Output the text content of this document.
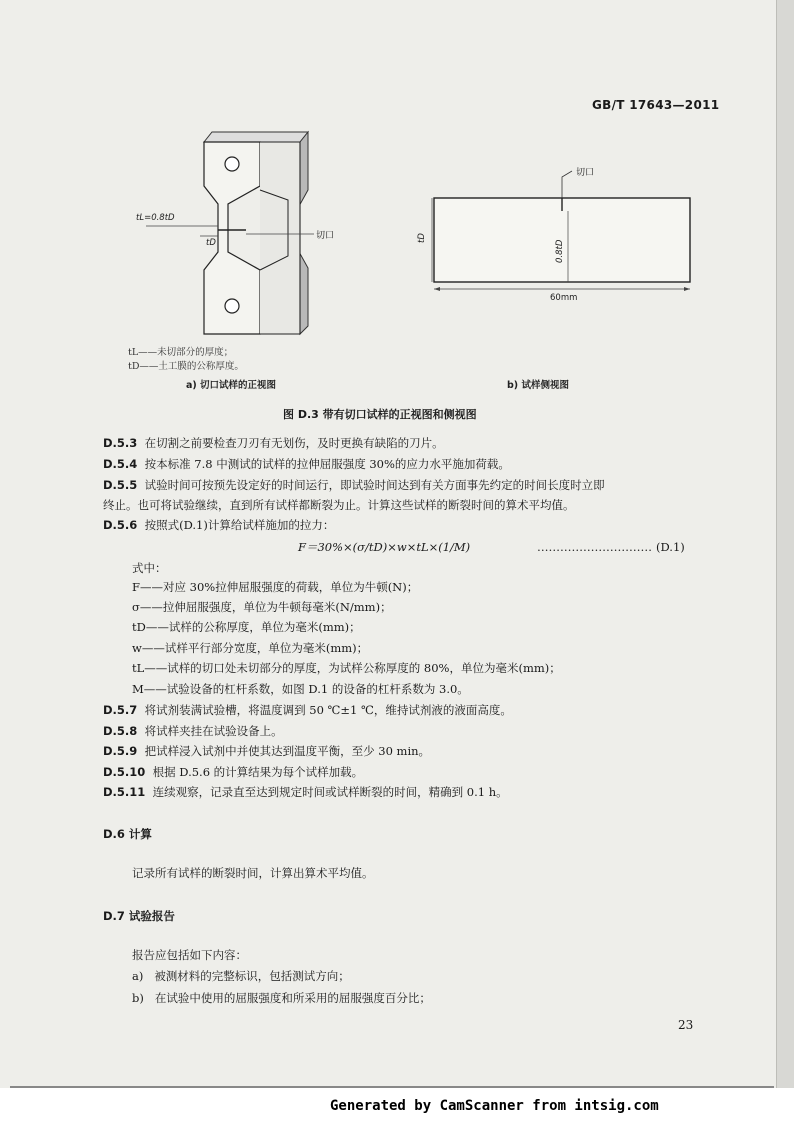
GB/T 17643—2011
tL=0.8tD
tD
切口
tL——未切部分的厚度；
tD——土工膜的公称厚度。
a) 切口试样的正视图
切口
tD
0.8tD
60mm
b) 试样侧视图
图 D.3 带有切口试样的正视图和侧视图
D.5.3 在切割之前要检查刀刃有无划伤，及时更换有缺陷的刀片。
D.5.4 按本标准 7.8 中测试的试样的拉伸屈服强度 30%的应力水平施加荷载。
D.5.5 试验时间可按预先设定好的时间运行，即试验时间达到有关方面事先约定的时间长度时立即
终止。也可将试验继续，直到所有试样都断裂为止。计算这些试样的断裂时间的算术平均值。
D.5.6 按照式(D.1)计算给试样施加的拉力：
F＝30%×(σ/tD)×w×tL×(1/M)	………………………… (D.1)
式中：
F——对应 30%拉伸屈服强度的荷载，单位为牛顿(N)；
σ——拉伸屈服强度，单位为牛顿每毫米(N/mm)；
tD——试样的公称厚度，单位为毫米(mm)；
w——试样平行部分宽度，单位为毫米(mm)；
tL——试样的切口处未切部分的厚度，为试样公称厚度的 80%，单位为毫米(mm)；
M——试验设备的杠杆系数，如图 D.1 的设备的杠杆系数为 3.0。
D.5.7 将试剂装满试验槽，将温度调到 50 ℃±1 ℃，维持试剂液的液面高度。
D.5.8 将试样夹挂在试验设备上。
D.5.9 把试样浸入试剂中并使其达到温度平衡，至少 30 min。
D.5.10 根据 D.5.6 的计算结果为每个试样加载。
D.5.11 连续观察，记录直至达到规定时间或试样断裂的时间，精确到 0.1 h。
D.6 计算
记录所有试样的断裂时间，计算出算术平均值。
D.7 试验报告
报告应包括如下内容：
a) 被测材料的完整标识，包括测试方向；
b) 在试验中使用的屈服强度和所采用的屈服强度百分比；
23
Generated by CamScanner from intsig.com
